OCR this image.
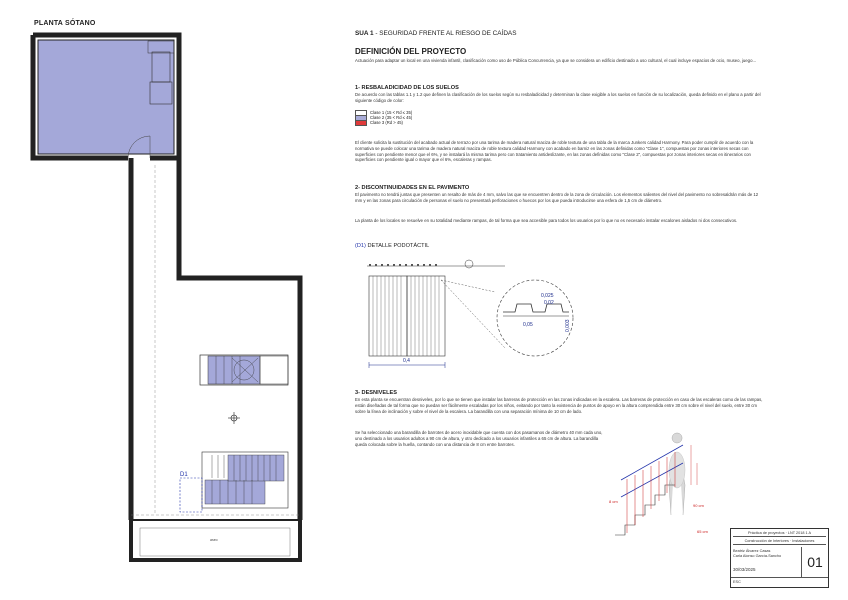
PLANTA SÓTANO
D1
aseo
SUA 1 - SEGURIDAD FRENTE AL RIESGO DE CAÍDAS
DEFINICIÓN DEL PROYECTO
Actuación para adaptar un local en una vivienda infantil, clasificación como uso de Pública Concurrencia, ya que se considera un edificio destinado a uso cultural, el cual incluye espacios de ocio, museo, juego...
1- RESBALADICIDAD DE LOS SUELOS
De acuerdo con las tablas 1.1 y 1.2 que definen la clasificación de los suelos según su resbaladicidad y determinan la clase exigible a los suelos en función de su localización, queda definido en el plano a partir del siguiente código de color:
Clase 1 (15 < Rd ≤ 35)
Clase 2 (35 < Rd ≤ 45)
Clase 3 (Rd > 45)
El cliente solicita la sustitución del acabado actual de terrazo por una tarima de madera natural maciza de roble textura de una tabla de la marca Junkers calidad Harmony. Para poder cumplir de acuerdo con la normativa se puede colocar una tarima de madera natural maciza de roble textura calidad Harmony con acabado en barniz en las zonas definidas como "Clase 1", compuestas por zonas interiores secas con superficies con pendiente menor que el 6%, y se instalará la misma tarima pero con tratamiento antideslizante, en las zonas definidas como "Clase 2", compuestas por zonas interiores secas en itinerarios con superficies con pendiente igual o mayor que el 6%, escaleras y rampas.
2- DISCONTINUIDADES EN EL PAVIMENTO
El pavimento no tendrá juntas que presenten un resalto de más de 4 mm, salvo las que se encuentren dentro de la zona de circulación. Los elementos salientes del nivel del pavimento no sobresaldrán más de 12 mm y en las zonas para circulación de personas el suelo no presentará perforaciones o huecos por los que pueda introducirse una esfera de 1,5 cm de diámetro.
La planta de los locales se resuelve en su totalidad mediante rampas, de tal forma que sea accesible para todos los usuarios por lo que no es necesario instalar escalones aislados ni dos consecutivos.
(D1) DETALLE PODOTÁCTIL
0,4
0,025
0,02
0,05	0,003
3- DESNIVELES
En esta planta se encuentran desniveles, por lo que se tienen que instalar las barreras de protección en las zonas indicadas en la escalera. Las barreras de protección en caso de las escaleras como de las rampas, están diseñadas de tal forma que no puedan ser fácilmente escaladas por los niños, evitando por tanto la existencia de puntos de apoyo en la altura comprendida entre 30 cm sobre el nivel del suelo, entre 30 cm sobre la línea de inclinación y sobre el nivel de la escalera. La barandilla con una separación mínima de 10 cm de lado.
Se ha seleccionado una barandilla de barrotes de acero inoxidable que cuenta con dos pasamanos de diámetro 40 mm cada uno, uno destinado a los usuarios adultos a 90 cm de altura, y otro dedicado a los usuarios infantiles a 65 cm de altura. La barandilla queda colocada sobre la huella, contando con una distancia de 8 cm entre barrotes.
90 cm
65 cm
8 cm
Práctica de proyectos · LNT 2018 1 A
Construcción de Interiores · Instalaciones
Beatriz Álvarez Casas
Carla Alonso García-Sancho	01
30/03/2025
ESC
